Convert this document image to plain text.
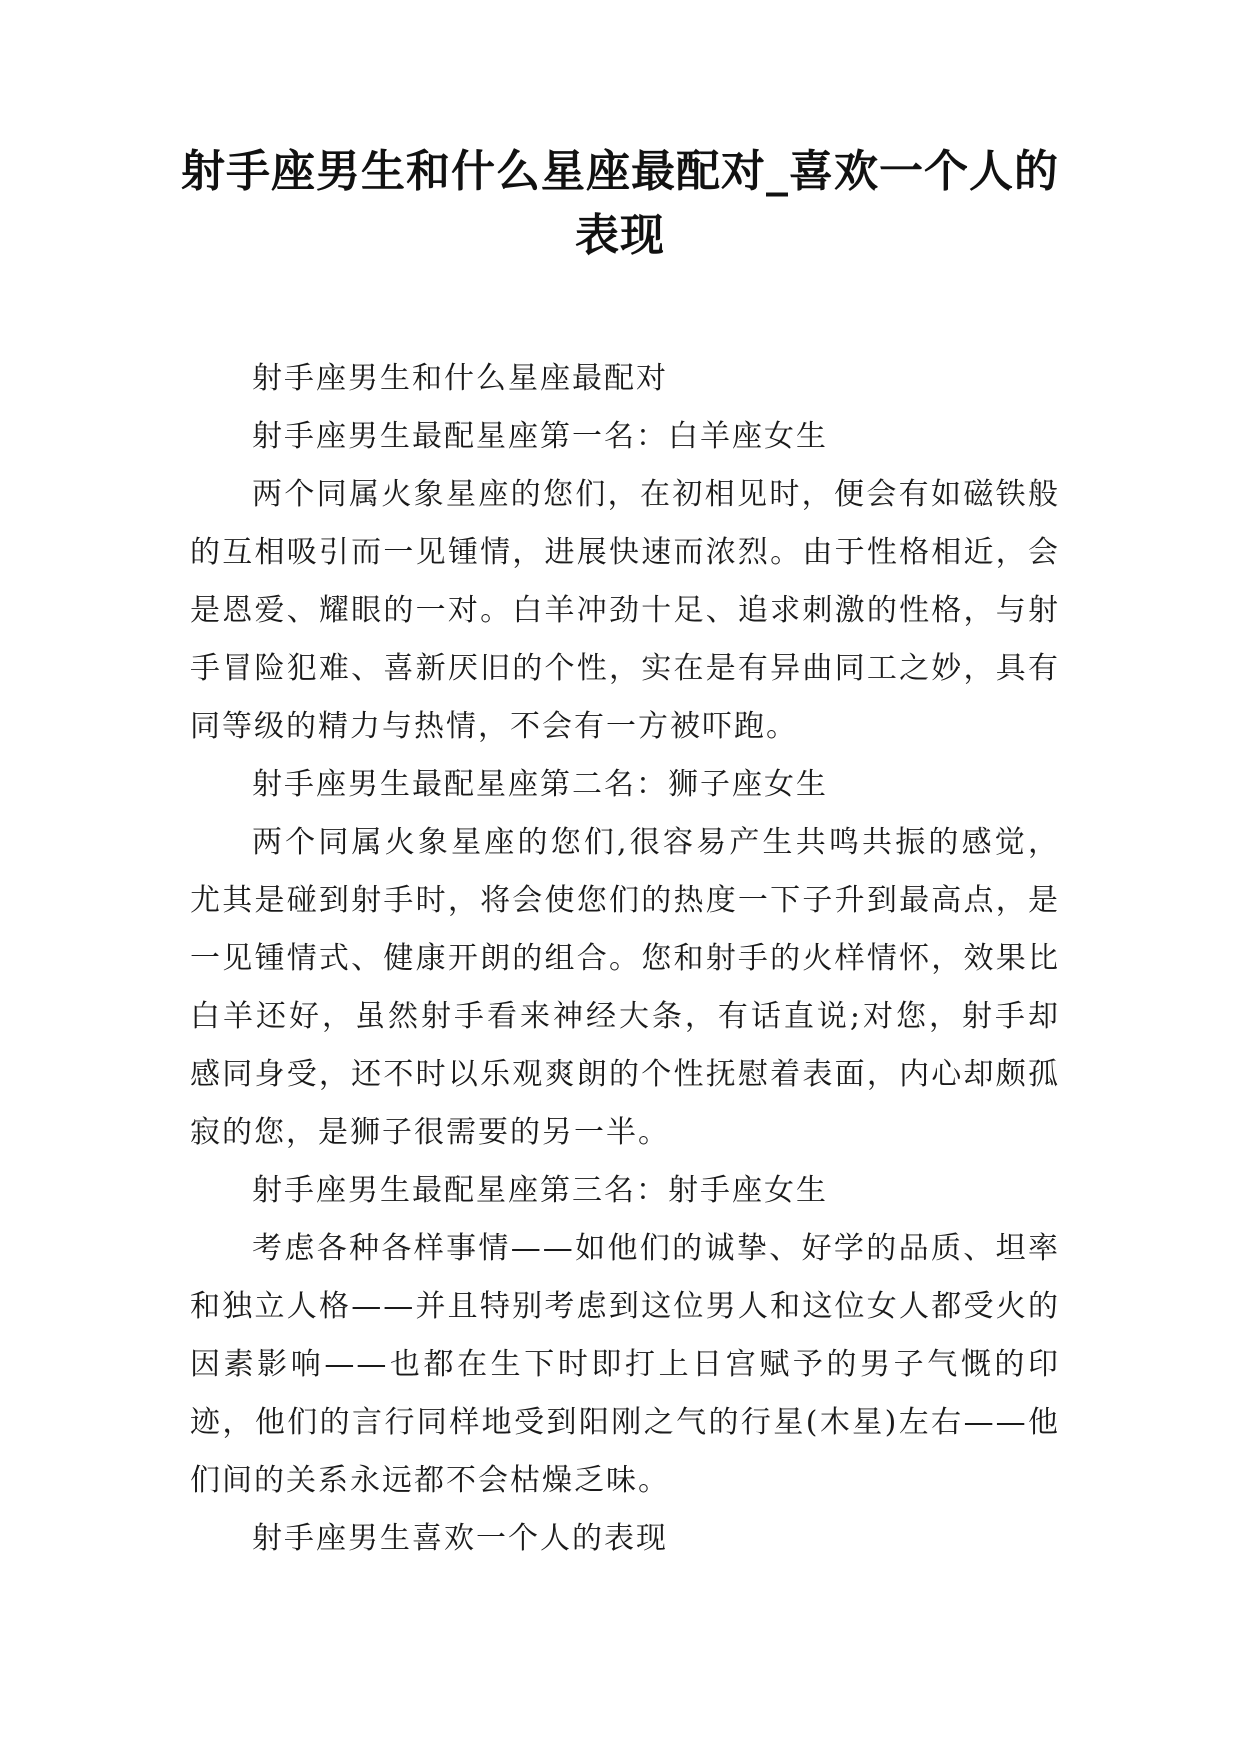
射手座男生和什么星座最配对_喜欢一个人的表现

射手座男生和什么星座最配对

射手座男生最配星座第一名：白羊座女生

两个同属火象星座的您们，在初相见时，便会有如磁铁般的互相吸引而一见锺情，进展快速而浓烈。由于性格相近，会是恩爱、耀眼的一对。白羊冲劲十足、追求刺激的性格，与射手冒险犯难、喜新厌旧的个性，实在是有异曲同工之妙，具有同等级的精力与热情，不会有一方被吓跑。

射手座男生最配星座第二名：狮子座女生

两个同属火象星座的您们,很容易产生共鸣共振的感觉，尤其是碰到射手时，将会使您们的热度一下子升到最高点，是一见锺情式、健康开朗的组合。您和射手的火样情怀，效果比白羊还好，虽然射手看来神经大条，有话直说;对您，射手却感同身受，还不时以乐观爽朗的个性抚慰着表面，内心却颇孤寂的您，是狮子很需要的另一半。

射手座男生最配星座第三名：射手座女生

考虑各种各样事情——如他们的诚挚、好学的品质、坦率和独立人格——并且特别考虑到这位男人和这位女人都受火的因素影响——也都在生下时即打上日宫赋予的男子气慨的印迹，他们的言行同样地受到阳刚之气的行星(木星)左右——他们间的关系永远都不会枯燥乏味。

射手座男生喜欢一个人的表现
